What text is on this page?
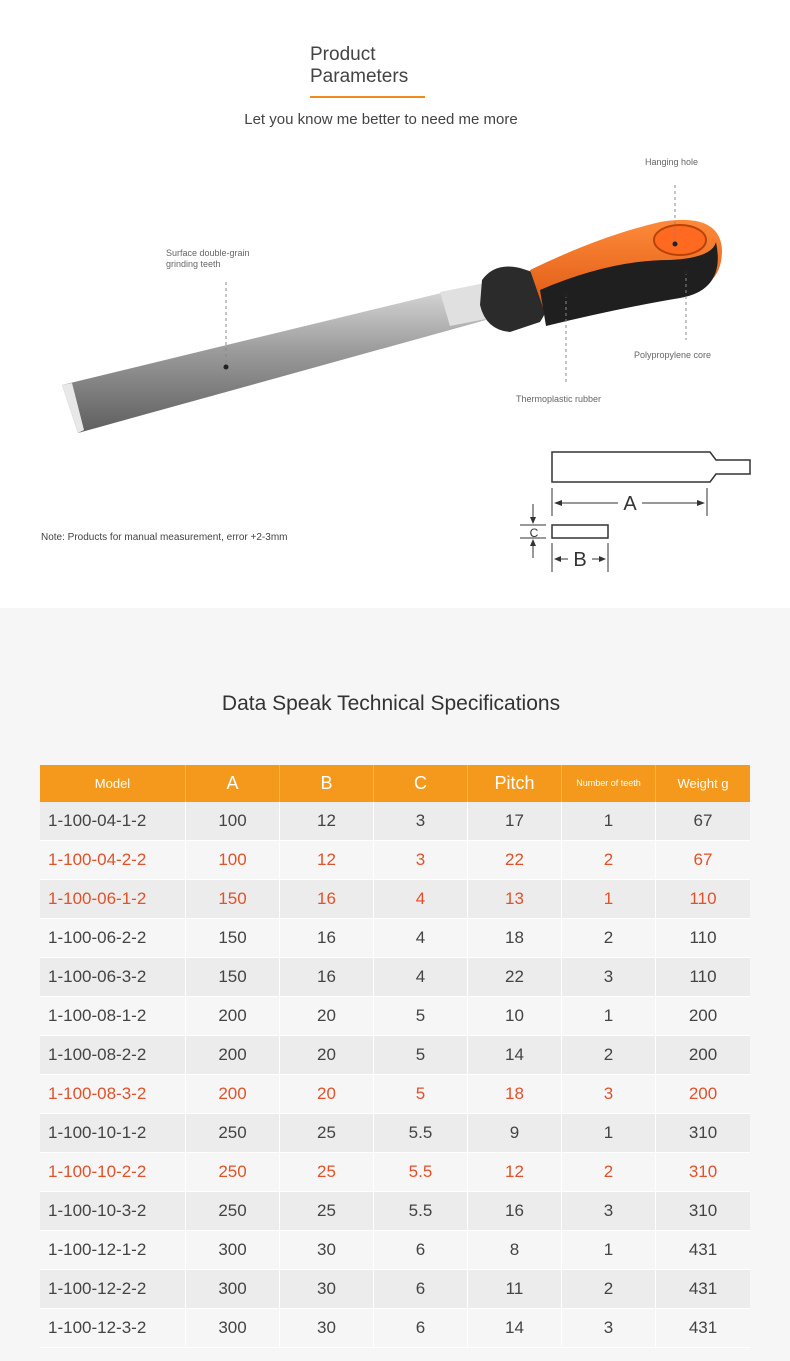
Product
Parameters
Let you know me better to need me more
Hanging hole
Surface double-grain grinding teeth
Polypropylene core
Thermoplastic rubber
A
C
B
Note: Products for manual measurement, error +2-3mm
Data Speak Technical Specifications
Model	A	B	C	Pitch	Number of teeth	Weight g
1-100-04-1-2	100	12	3	17	1	67
1-100-04-2-2	100	12	3	22	2	67
1-100-06-1-2	150	16	4	13	1	110
1-100-06-2-2	150	16	4	18	2	110
1-100-06-3-2	150	16	4	22	3	110
1-100-08-1-2	200	20	5	10	1	200
1-100-08-2-2	200	20	5	14	2	200
1-100-08-3-2	200	20	5	18	3	200
1-100-10-1-2	250	25	5.5	9	1	310
1-100-10-2-2	250	25	5.5	12	2	310
1-100-10-3-2	250	25	5.5	16	3	310
1-100-12-1-2	300	30	6	8	1	431
1-100-12-2-2	300	30	6	11	2	431
1-100-12-3-2	300	30	6	14	3	431
